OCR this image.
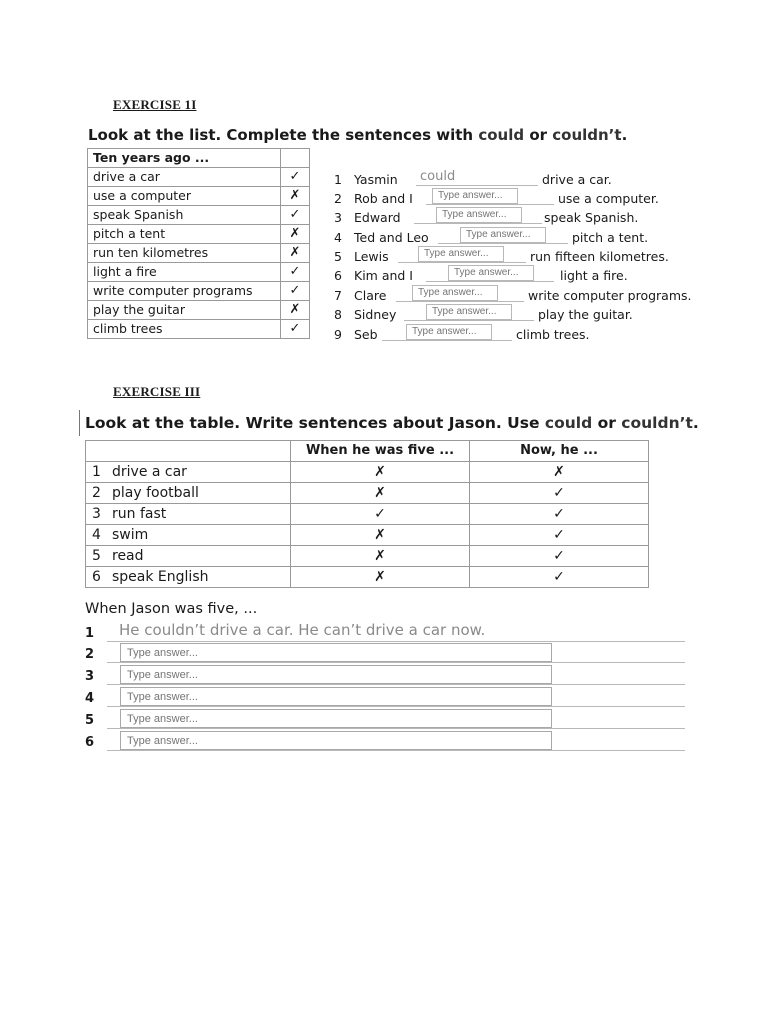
EXERCISE 1I
Look at the list. Complete the sentences with could or couldn’t.
Ten years ago ...	
drive a car	✓
use a computer	✗
speak Spanish	✓
pitch a tent	✗
run ten kilometres	✗
light a fire	✓
write computer programs	✓
play the guitar	✗
climb trees	✓
1 Yasmin could	drive a car.
2 Rob and I
Type answer...	use a computer.
3 Edward
Type answer...	speak Spanish.
4 Ted and Leo
Type answer...	pitch a tent.
5 Lewis
Type answer...	run fifteen kilometres.
6 Kim and I
Type answer...	light a fire.
7 Clare
Type answer...	write computer programs.
8 Sidney
Type answer...	play the guitar.
9 Seb
Type answer...	climb trees.
EXERCISE III
Look at the table. Write sentences about Jason. Use could or couldn’t.
	When he was five ...	Now, he ...
1 drive a car	✗	✗
2 play football	✗	✓
3 run fast	✓	✓
4 swim	✗	✓
5 read	✗	✓
6 speak English	✗	✓
When Jason was five, ...
1 He couldn’t drive a car. He can’t drive a car now.
2
Type answer...
3
Type answer...
4
Type answer...
5
Type answer...
6
Type answer...
